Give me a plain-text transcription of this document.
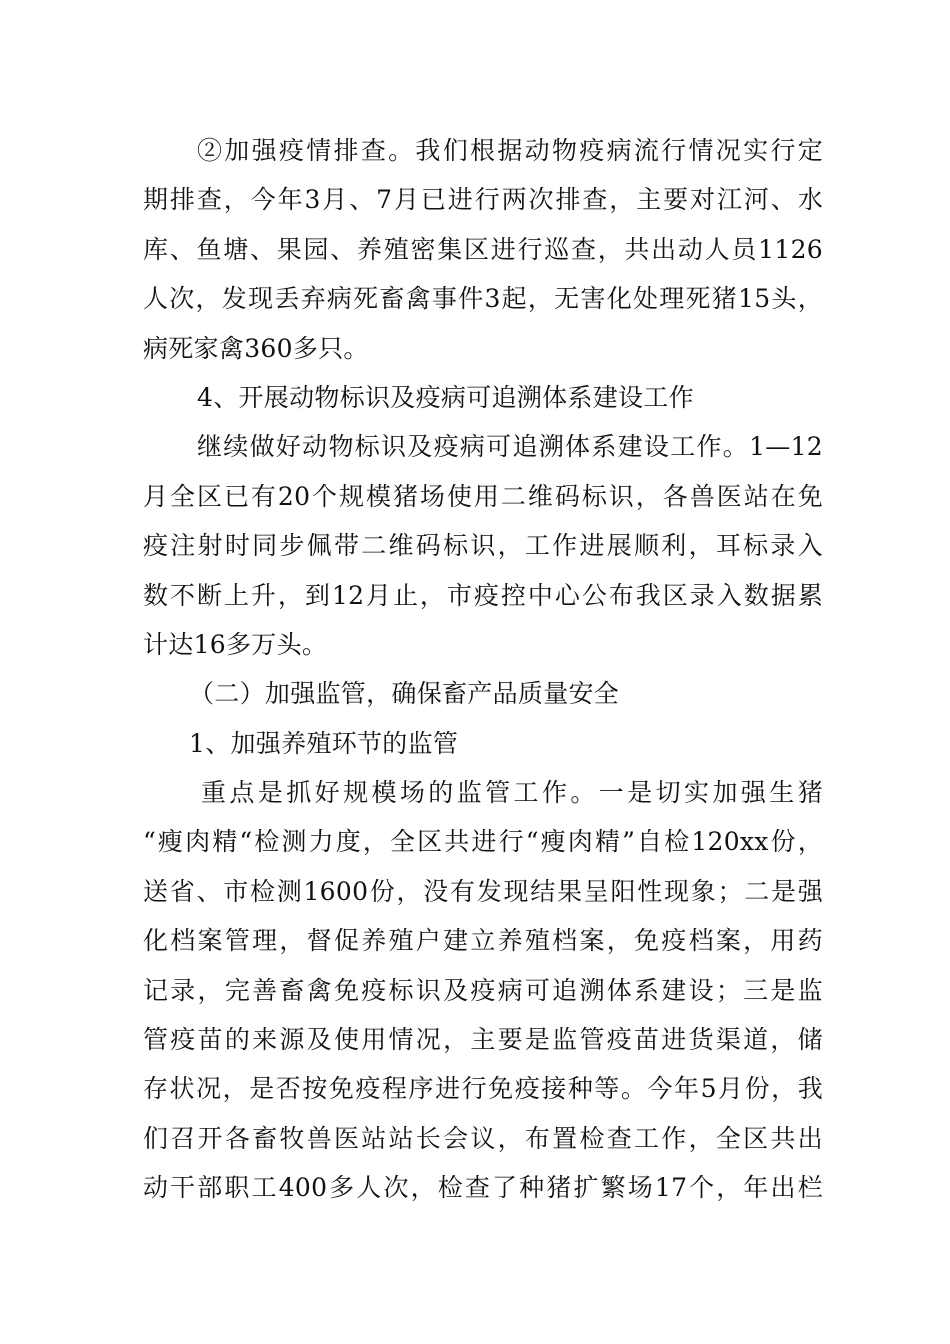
②加强疫情排查。我们根据动物疫病流行情况实行定
期排查，今年3月、7月已进行两次排查，主要对江河、水
库、鱼塘、果园、养殖密集区进行巡查，共出动人员1126
人次，发现丢弃病死畜禽事件3起，无害化处理死猪15头，
病死家禽360多只。
4、开展动物标识及疫病可追溯体系建设工作
继续做好动物标识及疫病可追溯体系建设工作。1—12
月全区已有20个规模猪场使用二维码标识，各兽医站在免
疫注射时同步佩带二维码标识，工作进展顺利，耳标录入
数不断上升，到12月止，市疫控中心公布我区录入数据累
计达16多万头。
（二）加强监管，确保畜产品质量安全
1、加强养殖环节的监管
重点是抓好规模场的监管工作。一是切实加强生猪
“瘦肉精“检测力度，全区共进行“瘦肉精”自检120xx份，
送省、市检测1600份，没有发现结果呈阳性现象；二是强
化档案管理，督促养殖户建立养殖档案，免疫档案，用药
记录，完善畜禽免疫标识及疫病可追溯体系建设；三是监
管疫苗的来源及使用情况，主要是监管疫苗进货渠道，储
存状况，是否按免疫程序进行免疫接种等。今年5月份，我
们召开各畜牧兽医站站长会议，布置检查工作，全区共出
动干部职工400多人次，检查了种猪扩繁场17个，年出栏
